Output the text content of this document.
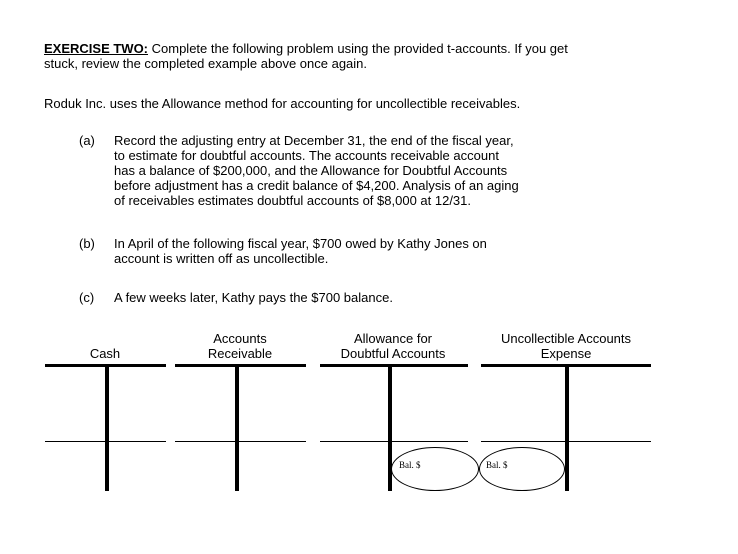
EXERCISE TWO: Complete the following problem using the provided t-accounts. If you get
stuck, review the completed example above once again.
Roduk Inc. uses the Allowance method for accounting for uncollectible receivables.
(a) Record the adjusting entry at December 31, the end of the fiscal year,
to estimate for doubtful accounts. The accounts receivable account
has a balance of $200,000, and the Allowance for Doubtful Accounts
before adjustment has a credit balance of $4,200. Analysis of an aging
of receivables estimates doubtful accounts of $8,000 at 12/31.
(b) In April of the following fiscal year, $700 owed by Kathy Jones on
account is written off as uncollectible.
(c) A few weeks later, Kathy pays the $700 balance.
Cash
Accounts
Receivable
Allowance for
Doubtful Accounts
Uncollectible Accounts
Expense
Bal. $	Bal. $
